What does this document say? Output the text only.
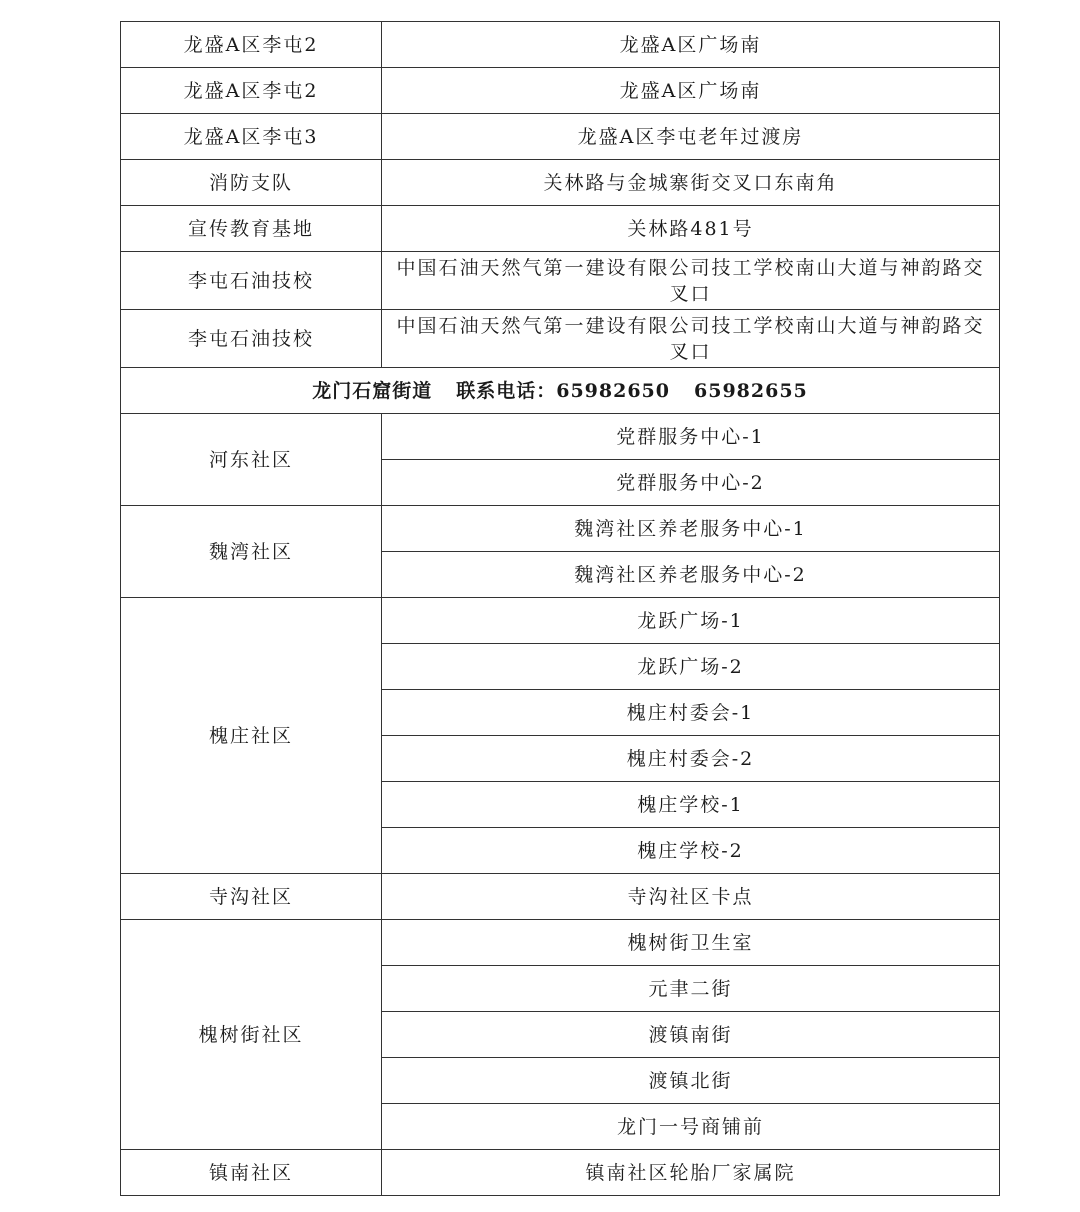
龙盛A区李屯2	龙盛A区广场南
龙盛A区李屯2	龙盛A区广场南
龙盛A区李屯3	龙盛A区李屯老年过渡房
消防支队	关林路与金城寨街交叉口东南角
宣传教育基地	关林路481号
李屯石油技校	中国石油天然气第一建设有限公司技工学校南山大道与神韵路交叉口
李屯石油技校	中国石油天然气第一建设有限公司技工学校南山大道与神韵路交叉口
龙门石窟街道 联系电话：65982650 65982655	
河东社区	党群服务中心-1
	党群服务中心-2
魏湾社区	魏湾社区养老服务中心-1
	魏湾社区养老服务中心-2
槐庄社区	龙跃广场-1
	龙跃广场-2
	槐庄村委会-1
	槐庄村委会-2
	槐庄学校-1
	槐庄学校-2
寺沟社区	寺沟社区卡点
槐树街社区	槐树街卫生室
	元聿二街
	渡镇南街
	渡镇北街
	龙门一号商铺前
镇南社区	镇南社区轮胎厂家属院
